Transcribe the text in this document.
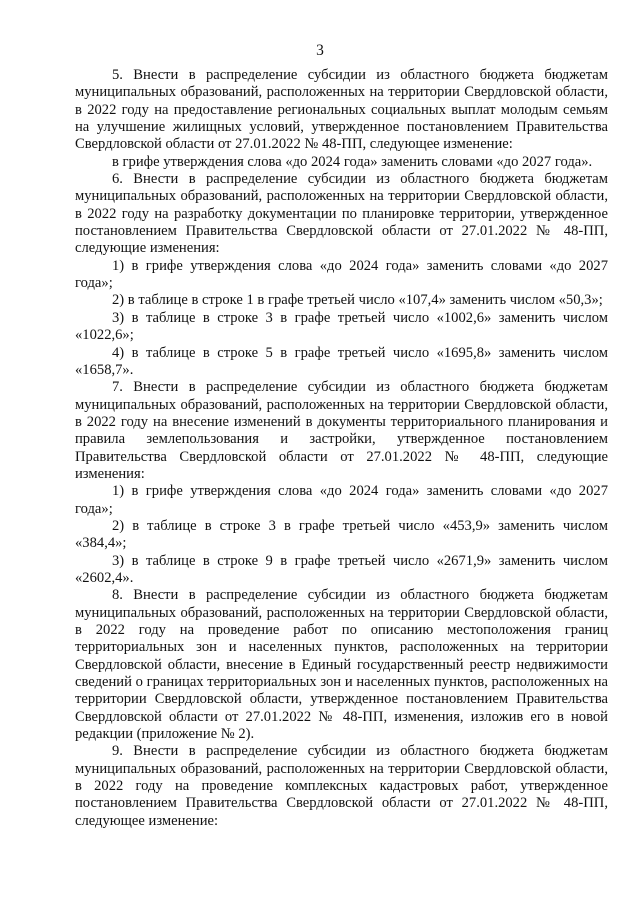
3

5. Внести в распределение субсидии из областного бюджета бюджетам муниципальных образований, расположенных на территории Свердловской области, в 2022 году на предоставление региональных социальных выплат молодым семьям на улучшение жилищных условий, утвержденное постановлением Правительства Свердловской области от 27.01.2022 № 48-ПП, следующее изменение:

в грифе утверждения слова «до 2024 года» заменить словами «до 2027 года».

6. Внести в распределение субсидии из областного бюджета бюджетам муниципальных образований, расположенных на территории Свердловской области, в 2022 году на разработку документации по планировке территории, утвержденное постановлением Правительства Свердловской области от 27.01.2022 № 48-ПП, следующие изменения:

1) в грифе утверждения слова «до 2024 года» заменить словами «до 2027 года»;

2) в таблице в строке 1 в графе третьей число «107,4» заменить числом «50,3»;

3) в таблице в строке 3 в графе третьей число «1002,6» заменить числом «1022,6»;

4) в таблице в строке 5 в графе третьей число «1695,8» заменить числом «1658,7».

7. Внести в распределение субсидии из областного бюджета бюджетам муниципальных образований, расположенных на территории Свердловской области, в 2022 году на внесение изменений в документы территориального планирования и правила землепользования и застройки, утвержденное постановлением Правительства Свердловской области от 27.01.2022 № 48-ПП, следующие изменения:

1) в грифе утверждения слова «до 2024 года» заменить словами «до 2027 года»;

2) в таблице в строке 3 в графе третьей число «453,9» заменить числом «384,4»;

3) в таблице в строке 9 в графе третьей число «2671,9» заменить числом «2602,4».

8. Внести в распределение субсидии из областного бюджета бюджетам муниципальных образований, расположенных на территории Свердловской области, в 2022 году на проведение работ по описанию местоположения границ территориальных зон и населенных пунктов, расположенных на территории Свердловской области, внесение в Единый государственный реестр недвижимости сведений о границах территориальных зон и населенных пунктов, расположенных на территории Свердловской области, утвержденное постановлением Правительства Свердловской области от 27.01.2022 № 48-ПП, изменения, изложив его в новой редакции (приложение № 2).

9. Внести в распределение субсидии из областного бюджета бюджетам муниципальных образований, расположенных на территории Свердловской области, в 2022 году на проведение комплексных кадастровых работ, утвержденное постановлением Правительства Свердловской области от 27.01.2022 № 48-ПП, следующее изменение:
